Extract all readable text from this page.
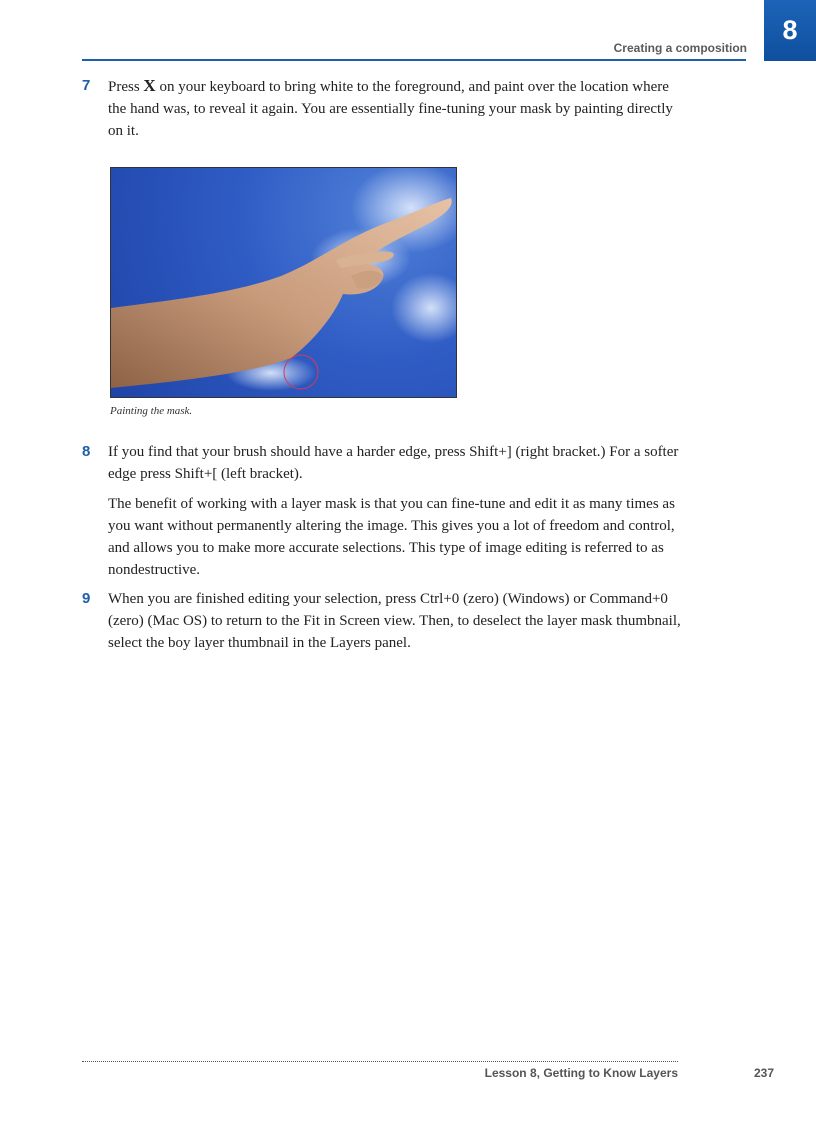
Creating a composition
8
7 Press X on your keyboard to bring white to the foreground, and paint over the location where the hand was, to reveal it again. You are essentially fine-tuning your mask by painting directly on it.

Painting the mask.
8 If you find that your brush should have a harder edge, press Shift+] (right bracket.) For a softer edge press Shift+[ (left bracket).

The benefit of working with a layer mask is that you can fine-tune and edit it as many times as you want without permanently altering the image. This gives you a lot of freedom and control, and allows you to make more accurate selections. This type of image editing is referred to as nondestructive.

9 When you are finished editing your selection, press Ctrl+0 (zero) (Windows) or Command+0 (zero) (Mac OS) to return to the Fit in Screen view. Then, to deselect the layer mask thumbnail, select the boy layer thumbnail in the Layers panel.

Lesson 8, Getting to Know Layers	237
